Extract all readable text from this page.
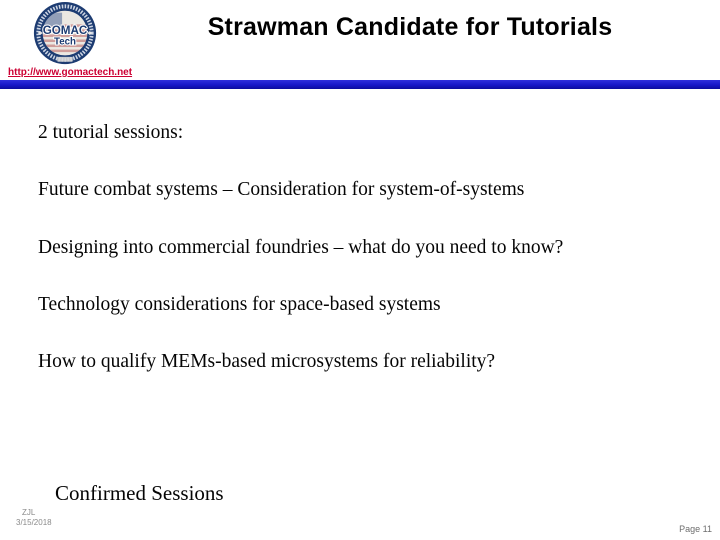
GOMAC
Tech
Strawman Candidate for Tutorials
http://www.gomactech.net
2 tutorial sessions:
Future combat systems – Consideration for system-of-systems
Designing into commercial foundries – what do you need to know?
Technology considerations for space-based systems
How to qualify MEMs-based microsystems for reliability?
Confirmed Sessions
ZJL
3/15/2018
Page 11
